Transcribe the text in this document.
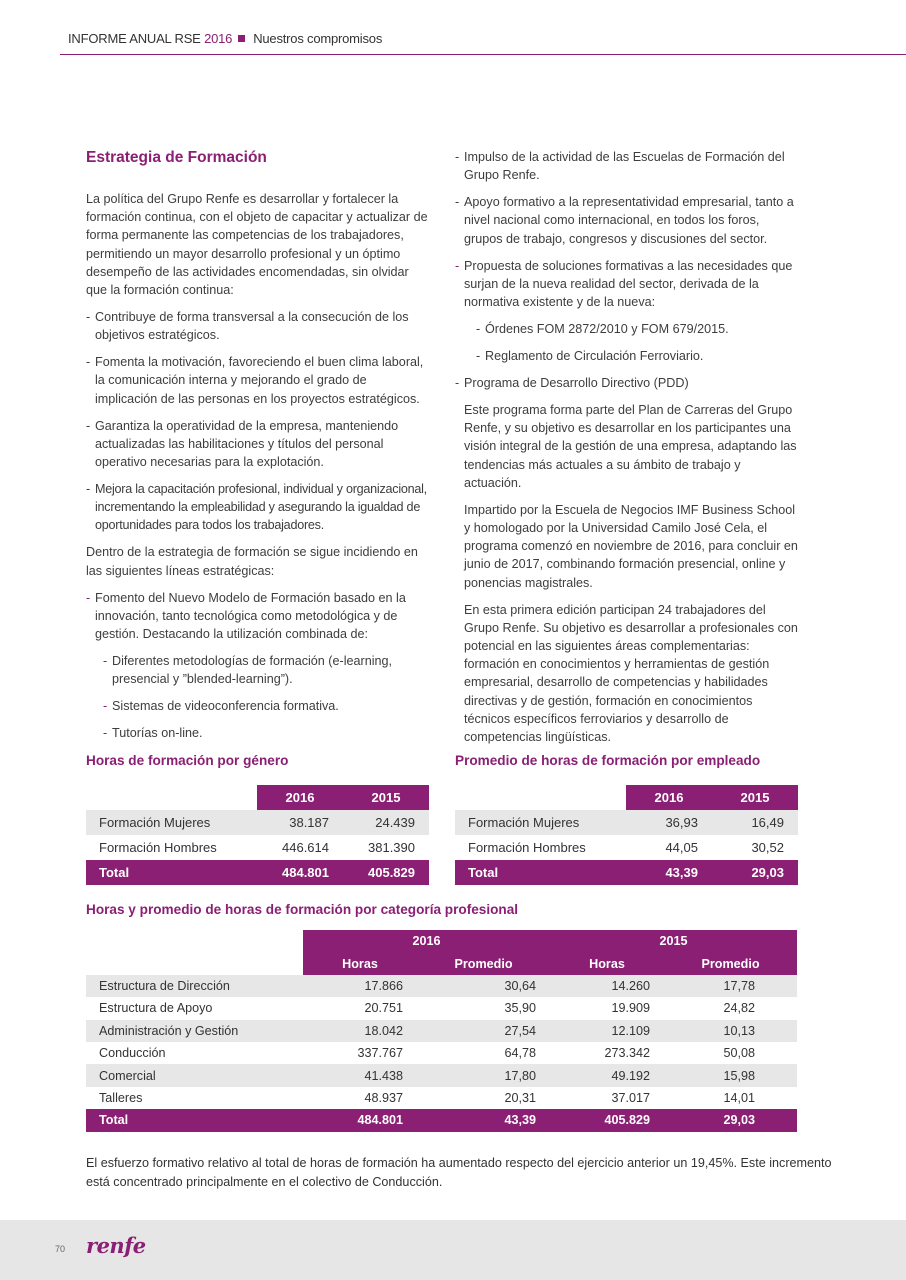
INFORME ANUAL RSE 2016 Nuestros compromisos
Estrategia de Formación

La política del Grupo Renfe es desarrollar y fortalecer la formación continua, con el objeto de capacitar y actualizar de forma permanente las competencias de los trabajadores, permitiendo un mayor desarrollo profesional y un óptimo desempeño de las actividades encomendadas, sin olvidar que la formación continua:

- Contribuye de forma transversal a la consecución de los objetivos estratégicos.
- Fomenta la motivación, favoreciendo el buen clima laboral, la comunicación interna y mejorando el grado de implicación de las personas en los proyectos estratégicos.
- Garantiza la operatividad de la empresa, manteniendo actualizadas las habilitaciones y títulos del personal operativo necesarias para la explotación.
- Mejora la capacitación profesional, individual y organizacional, incrementando la empleabilidad y asegurando la igualdad de oportunidades para todos los trabajadores.

Dentro de la estrategia de formación se sigue incidiendo en las siguientes líneas estratégicas:

- Fomento del Nuevo Modelo de Formación basado en la innovación, tanto tecnológica como metodológica y de gestión. Destacando la utilización combinada de:
- Diferentes metodologías de formación (e-learning, presencial y ”blended-learning”).
- Sistemas de videoconferencia formativa.
- Tutorías on-line.
- Impulso de la actividad de las Escuelas de Formación del Grupo Renfe.
- Apoyo formativo a la representatividad empresarial, tanto a nivel nacional como internacional, en todos los foros, grupos de trabajo, congresos y discusiones del sector.
- Propuesta de soluciones formativas a las necesidades que surjan de la nueva realidad del sector, derivada de la normativa existente y de la nueva:
- Órdenes FOM 2872/2010 y FOM 679/2015.
- Reglamento de Circulación Ferroviario.
- Programa de Desarrollo Directivo (PDD)

Este programa forma parte del Plan de Carreras del Grupo Renfe, y su objetivo es desarrollar en los participantes una visión integral de la gestión de una empresa, adaptando las tendencias más actuales a su ámbito de trabajo y actuación.

Impartido por la Escuela de Negocios IMF Business School y homologado por la Universidad Camilo José Cela, el programa comenzó en noviembre de 2016, para concluir en junio de 2017, combinando formación presencial, online y ponencias magistrales.

En esta primera edición participan 24 trabajadores del Grupo Renfe. Su objetivo es desarrollar a profesionales con potencial en las siguientes áreas complementarias: formación en conocimientos y herramientas de gestión empresarial, desarrollo de competencias y habilidades directivas y de gestión, formación en conocimientos técnicos específicos ferroviarios y desarrollo de competencias lingüísticas.

Horas de formación por género
	2016	2015
Formación Mujeres	38.187	24.439
Formación Hombres	446.614	381.390
Total	484.801	405.829
Promedio de horas de formación por empleado
	2016	2015
Formación Mujeres	36,93	16,49
Formación Hombres	44,05	30,52
Total	43,39	29,03
Horas y promedio de horas de formación por categoría profesional
	2016		2015	
	Horas	Promedio	Horas	Promedio
Estructura de Dirección	17.866	30,64	14.260	17,78
Estructura de Apoyo	20.751	35,90	19.909	24,82
Administración y Gestión	18.042	27,54	12.109	10,13
Conducción	337.767	64,78	273.342	50,08
Comercial	41.438	17,80	49.192	15,98
Talleres	48.937	20,31	37.017	14,01
Total	484.801	43,39	405.829	29,03
El esfuerzo formativo relativo al total de horas de formación ha aumentado respecto del ejercicio anterior un 19,45%. Este incremento está concentrado principalmente en el colectivo de Conducción.
70 renfe
